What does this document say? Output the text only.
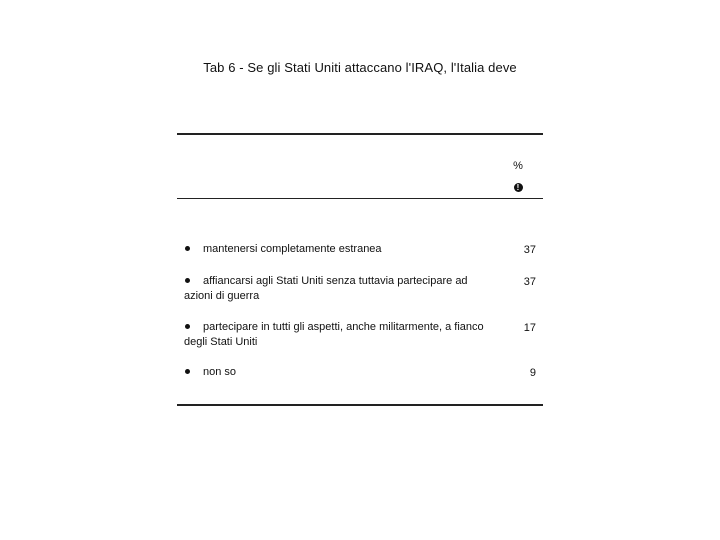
Tab 6 - Se gli Stati Uniti attaccano l'IRAQ, l'Italia deve
%
!
mantenersi completamente estranea	37
affiancarsi agli Stati Uniti senza tuttavia partecipare ad azioni di guerra
37
partecipare in tutti gli aspetti, anche militarmente, a fianco degli Stati Uniti
17
non so	9
